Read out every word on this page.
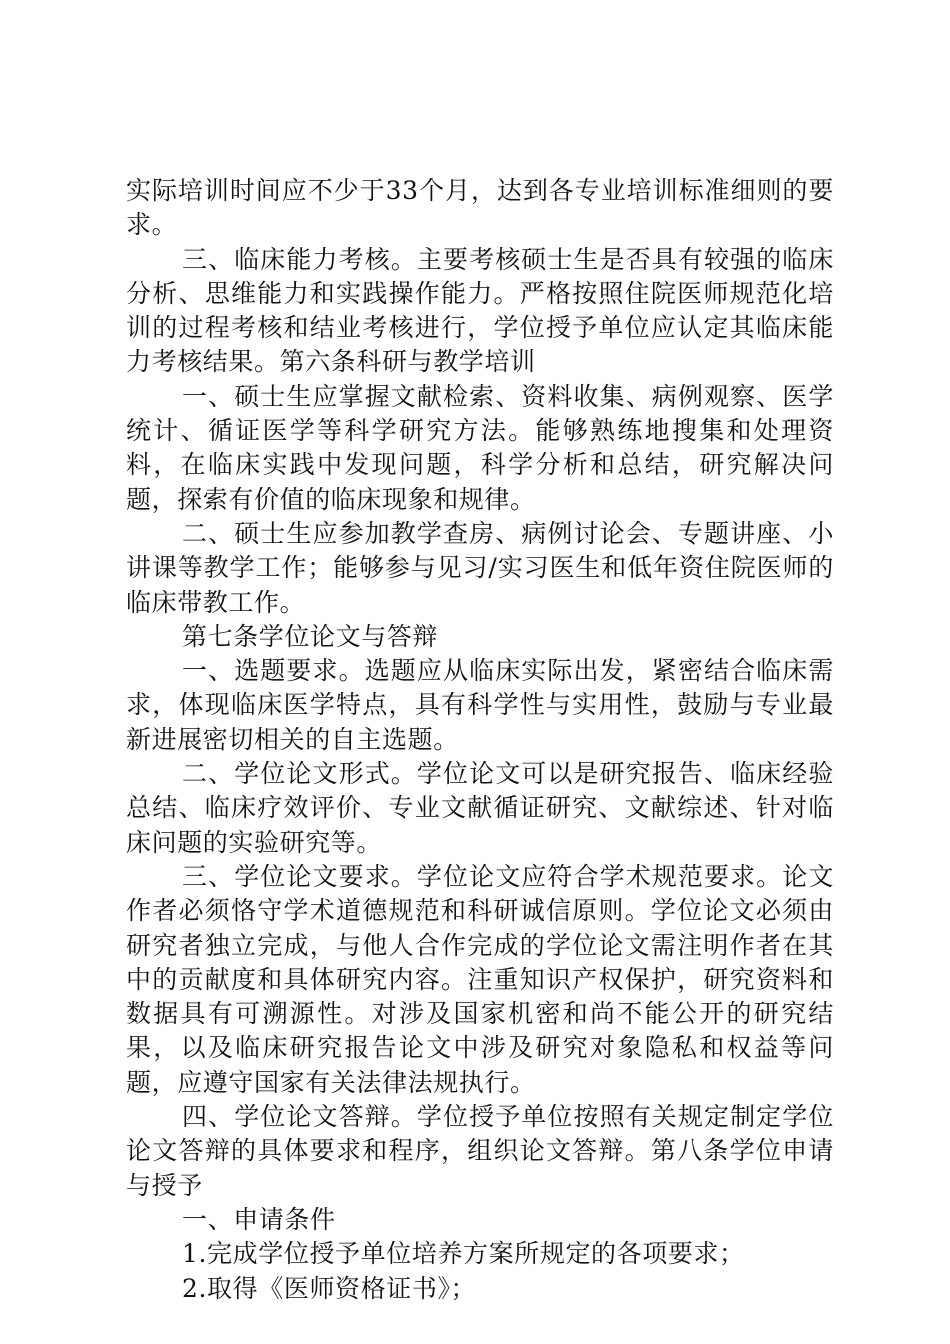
实际培训时间应不少于33个月，达到各专业培训标准细则的要求。

三、临床能力考核。主要考核硕士生是否具有较强的临床分析、思维能力和实践操作能力。严格按照住院医师规范化培训的过程考核和结业考核进行，学位授予单位应认定其临床能力考核结果。第六条科研与教学培训

一、硕士生应掌握文献检索、资料收集、病例观察、医学统计、循证医学等科学研究方法。能够熟练地搜集和处理资料，在临床实践中发现问题，科学分析和总结，研究解决问题，探索有价值的临床现象和规律。

二、硕士生应参加教学查房、病例讨论会、专题讲座、小讲课等教学工作；能够参与见习/实习医生和低年资住院医师的临床带教工作。

第七条学位论文与答辩

一、选题要求。选题应从临床实际出发，紧密结合临床需求，体现临床医学特点，具有科学性与实用性，鼓励与专业最新进展密切相关的自主选题。

二、学位论文形式。学位论文可以是研究报告、临床经验总结、临床疗效评价、专业文献循证研究、文献综述、针对临床问题的实验研究等。

三、学位论文要求。学位论文应符合学术规范要求。论文作者必须恪守学术道德规范和科研诚信原则。学位论文必须由研究者独立完成，与他人合作完成的学位论文需注明作者在其中的贡献度和具体研究内容。注重知识产权保护，研究资料和数据具有可溯源性。对涉及国家机密和尚不能公开的研究结果，以及临床研究报告论文中涉及研究对象隐私和权益等问题，应遵守国家有关法律法规执行。

四、学位论文答辩。学位授予单位按照有关规定制定学位论文答辩的具体要求和程序，组织论文答辩。第八条学位申请与授予

一、申请条件

1.完成学位授予单位培养方案所规定的各项要求；

2.取得《医师资格证书》；
